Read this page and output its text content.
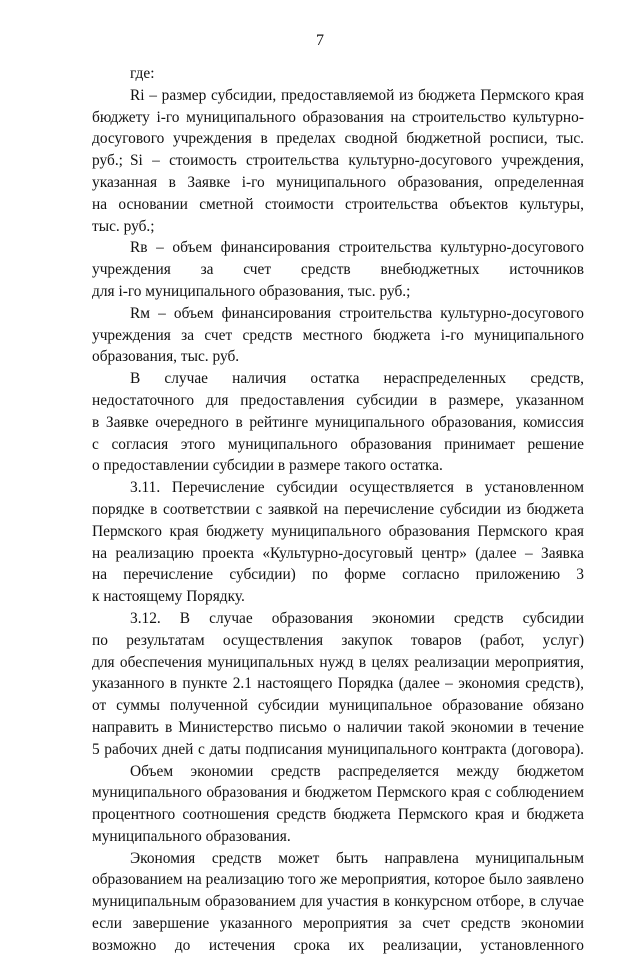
7
где:
Ri – размер субсидии, предоставляемой из бюджета Пермского края
бюджету i-го муниципального образования на строительство культурно-
досугового учреждения в пределах сводной бюджетной росписи, тыс. руб.; Si – стоимость строительства культурно-досугового учреждения,
указанная в Заявке i-го муниципального образования, определенная
на основании сметной стоимости строительства объектов культуры,
тыс. руб.;
Rв – объем финансирования строительства культурно-досугового
учреждения за счет средств внебюджетных источников
для i-го муниципального образования, тыс. руб.;
Rм – объем финансирования строительства культурно-досугового
учреждения за счет средств местного бюджета i-го муниципального
образования, тыс. руб.
В случае наличия остатка нераспределенных средств,
недостаточного для предоставления субсидии в размере, указанном
в Заявке очередного в рейтинге муниципального образования, комиссия
с согласия этого муниципального образования принимает решение
о предоставлении субсидии в размере такого остатка.
3.11. Перечисление субсидии осуществляется в установленном
порядке в соответствии с заявкой на перечисление субсидии из бюджета
Пермского края бюджету муниципального образования Пермского края
на реализацию проекта «Культурно-досуговый центр» (далее – Заявка
на перечисление субсидии) по форме согласно приложению 3
к настоящему Порядку.
3.12. В случае образования экономии средств субсидии
по результатам осуществления закупок товаров (работ, услуг)
для обеспечения муниципальных нужд в целях реализации мероприятия,
указанного в пункте 2.1 настоящего Порядка (далее – экономия средств),
от суммы полученной субсидии муниципальное образование обязано
направить в Министерство письмо о наличии такой экономии в течение
5 рабочих дней с даты подписания муниципального контракта (договора).
Объем экономии средств распределяется между бюджетом
муниципального образования и бюджетом Пермского края с соблюдением
процентного соотношения средств бюджета Пермского края и бюджета
муниципального образования.
Экономия средств может быть направлена муниципальным
образованием на реализацию того же мероприятия, которое было заявлено
муниципальным образованием для участия в конкурсном отборе, в случае
если завершение указанного мероприятия за счет средств экономии
возможно до истечения срока их реализации, установленного
